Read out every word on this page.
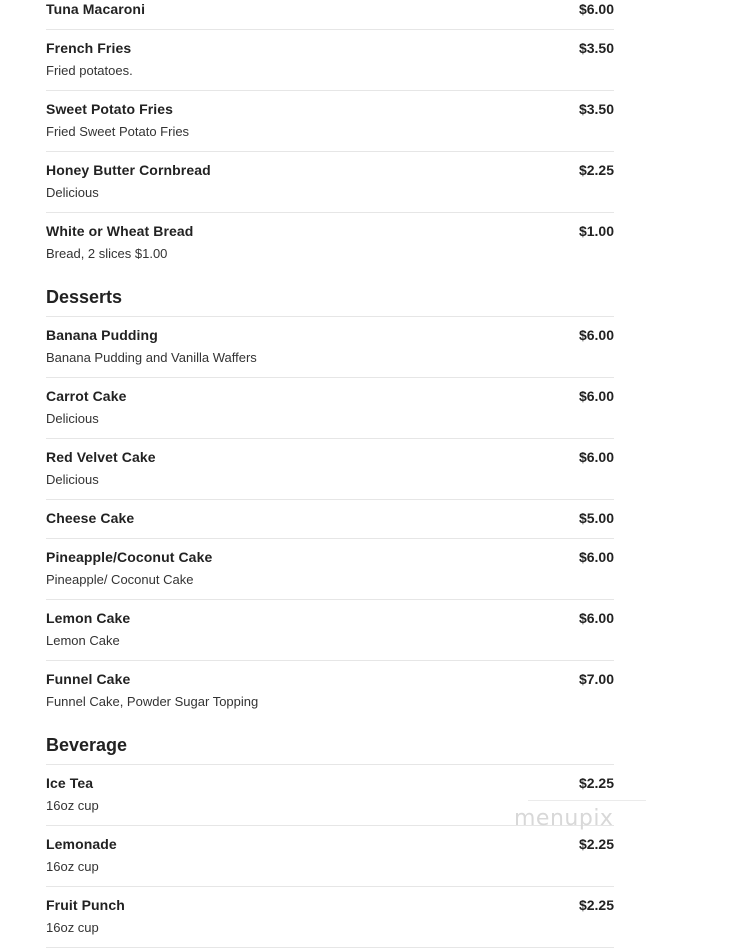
Tuna Macaroni	$6.00
French Fries
Fried potatoes.
$3.50
Sweet Potato Fries
Fried Sweet Potato Fries
$3.50
Honey Butter Cornbread
Delicious
$2.25
White or Wheat Bread
Bread, 2 slices $1.00
$1.00
Desserts
Banana Pudding
Banana Pudding and Vanilla Waffers
$6.00
Carrot Cake
Delicious
$6.00
Red Velvet Cake
Delicious
$6.00
Cheese Cake	$5.00
Pineapple/Coconut Cake
Pineapple/ Coconut Cake
$6.00
Lemon Cake
Lemon Cake
$6.00
Funnel Cake
Funnel Cake, Powder Sugar Topping
$7.00
Beverage
Ice Tea
16oz cup
$2.25
Lemonade
16oz cup
$2.25
Fruit Punch
16oz cup
$2.25
menupix
